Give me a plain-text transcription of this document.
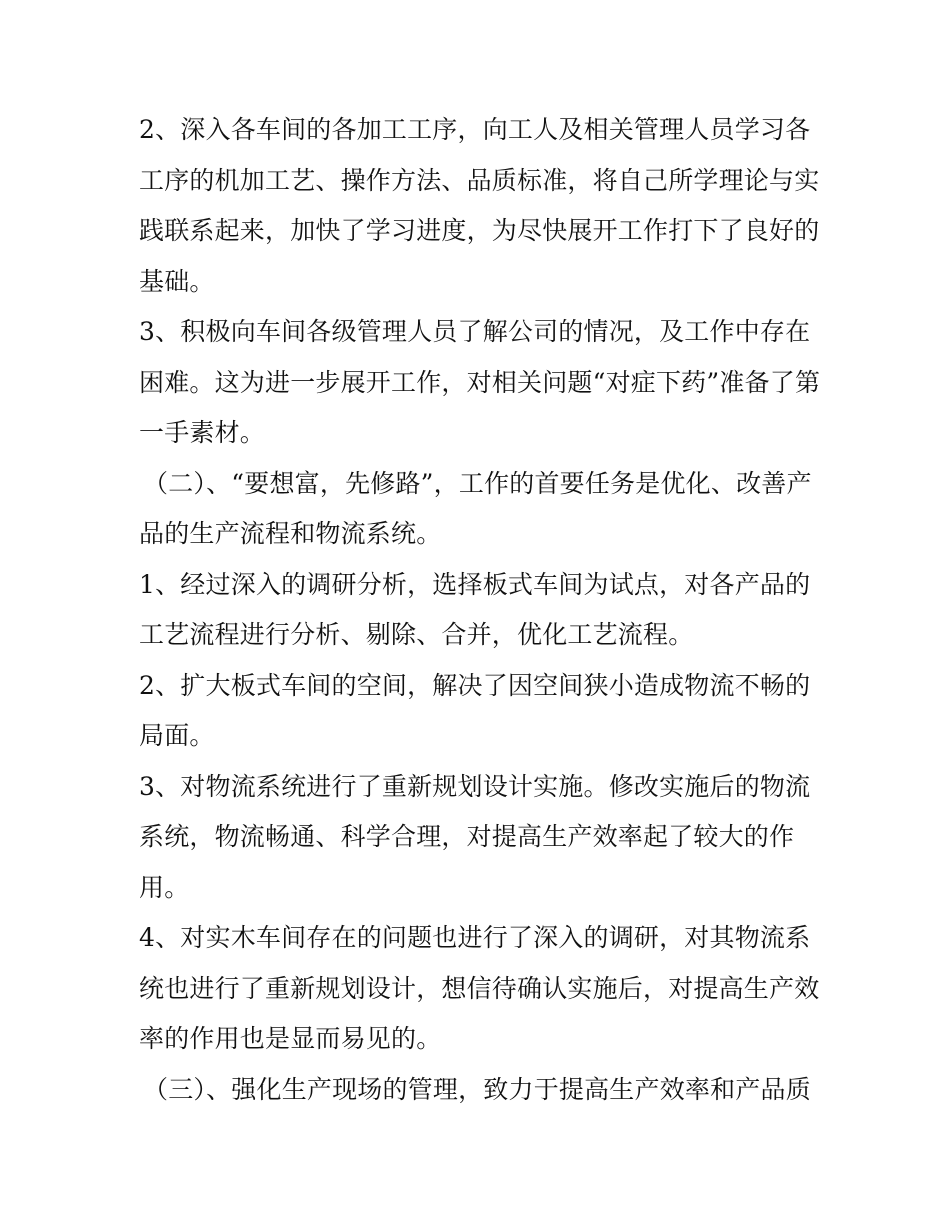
2、深入各车间的各加工工序，向工人及相关管理人员学习各
工序的机加工艺、操作方法、品质标准，将自己所学理论与实
践联系起来，加快了学习进度，为尽快展开工作打下了良好的
基础。
3、积极向车间各级管理人员了解公司的情况，及工作中存在
困难。这为进一步展开工作，对相关问题“对症下药”准备了第
一手素材。
（二）、“要想富，先修路”，工作的首要任务是优化、改善产
品的生产流程和物流系统。
1、经过深入的调研分析，选择板式车间为试点，对各产品的
工艺流程进行分析、剔除、合并，优化工艺流程。
2、扩大板式车间的空间，解决了因空间狭小造成物流不畅的
局面。
3、对物流系统进行了重新规划设计实施。修改实施后的物流
系统，物流畅通、科学合理，对提高生产效率起了较大的作
用。
4、对实木车间存在的问题也进行了深入的调研，对其物流系
统也进行了重新规划设计，想信待确认实施后，对提高生产效
率的作用也是显而易见的。
（三）、强化生产现场的管理，致力于提高生产效率和产品质
